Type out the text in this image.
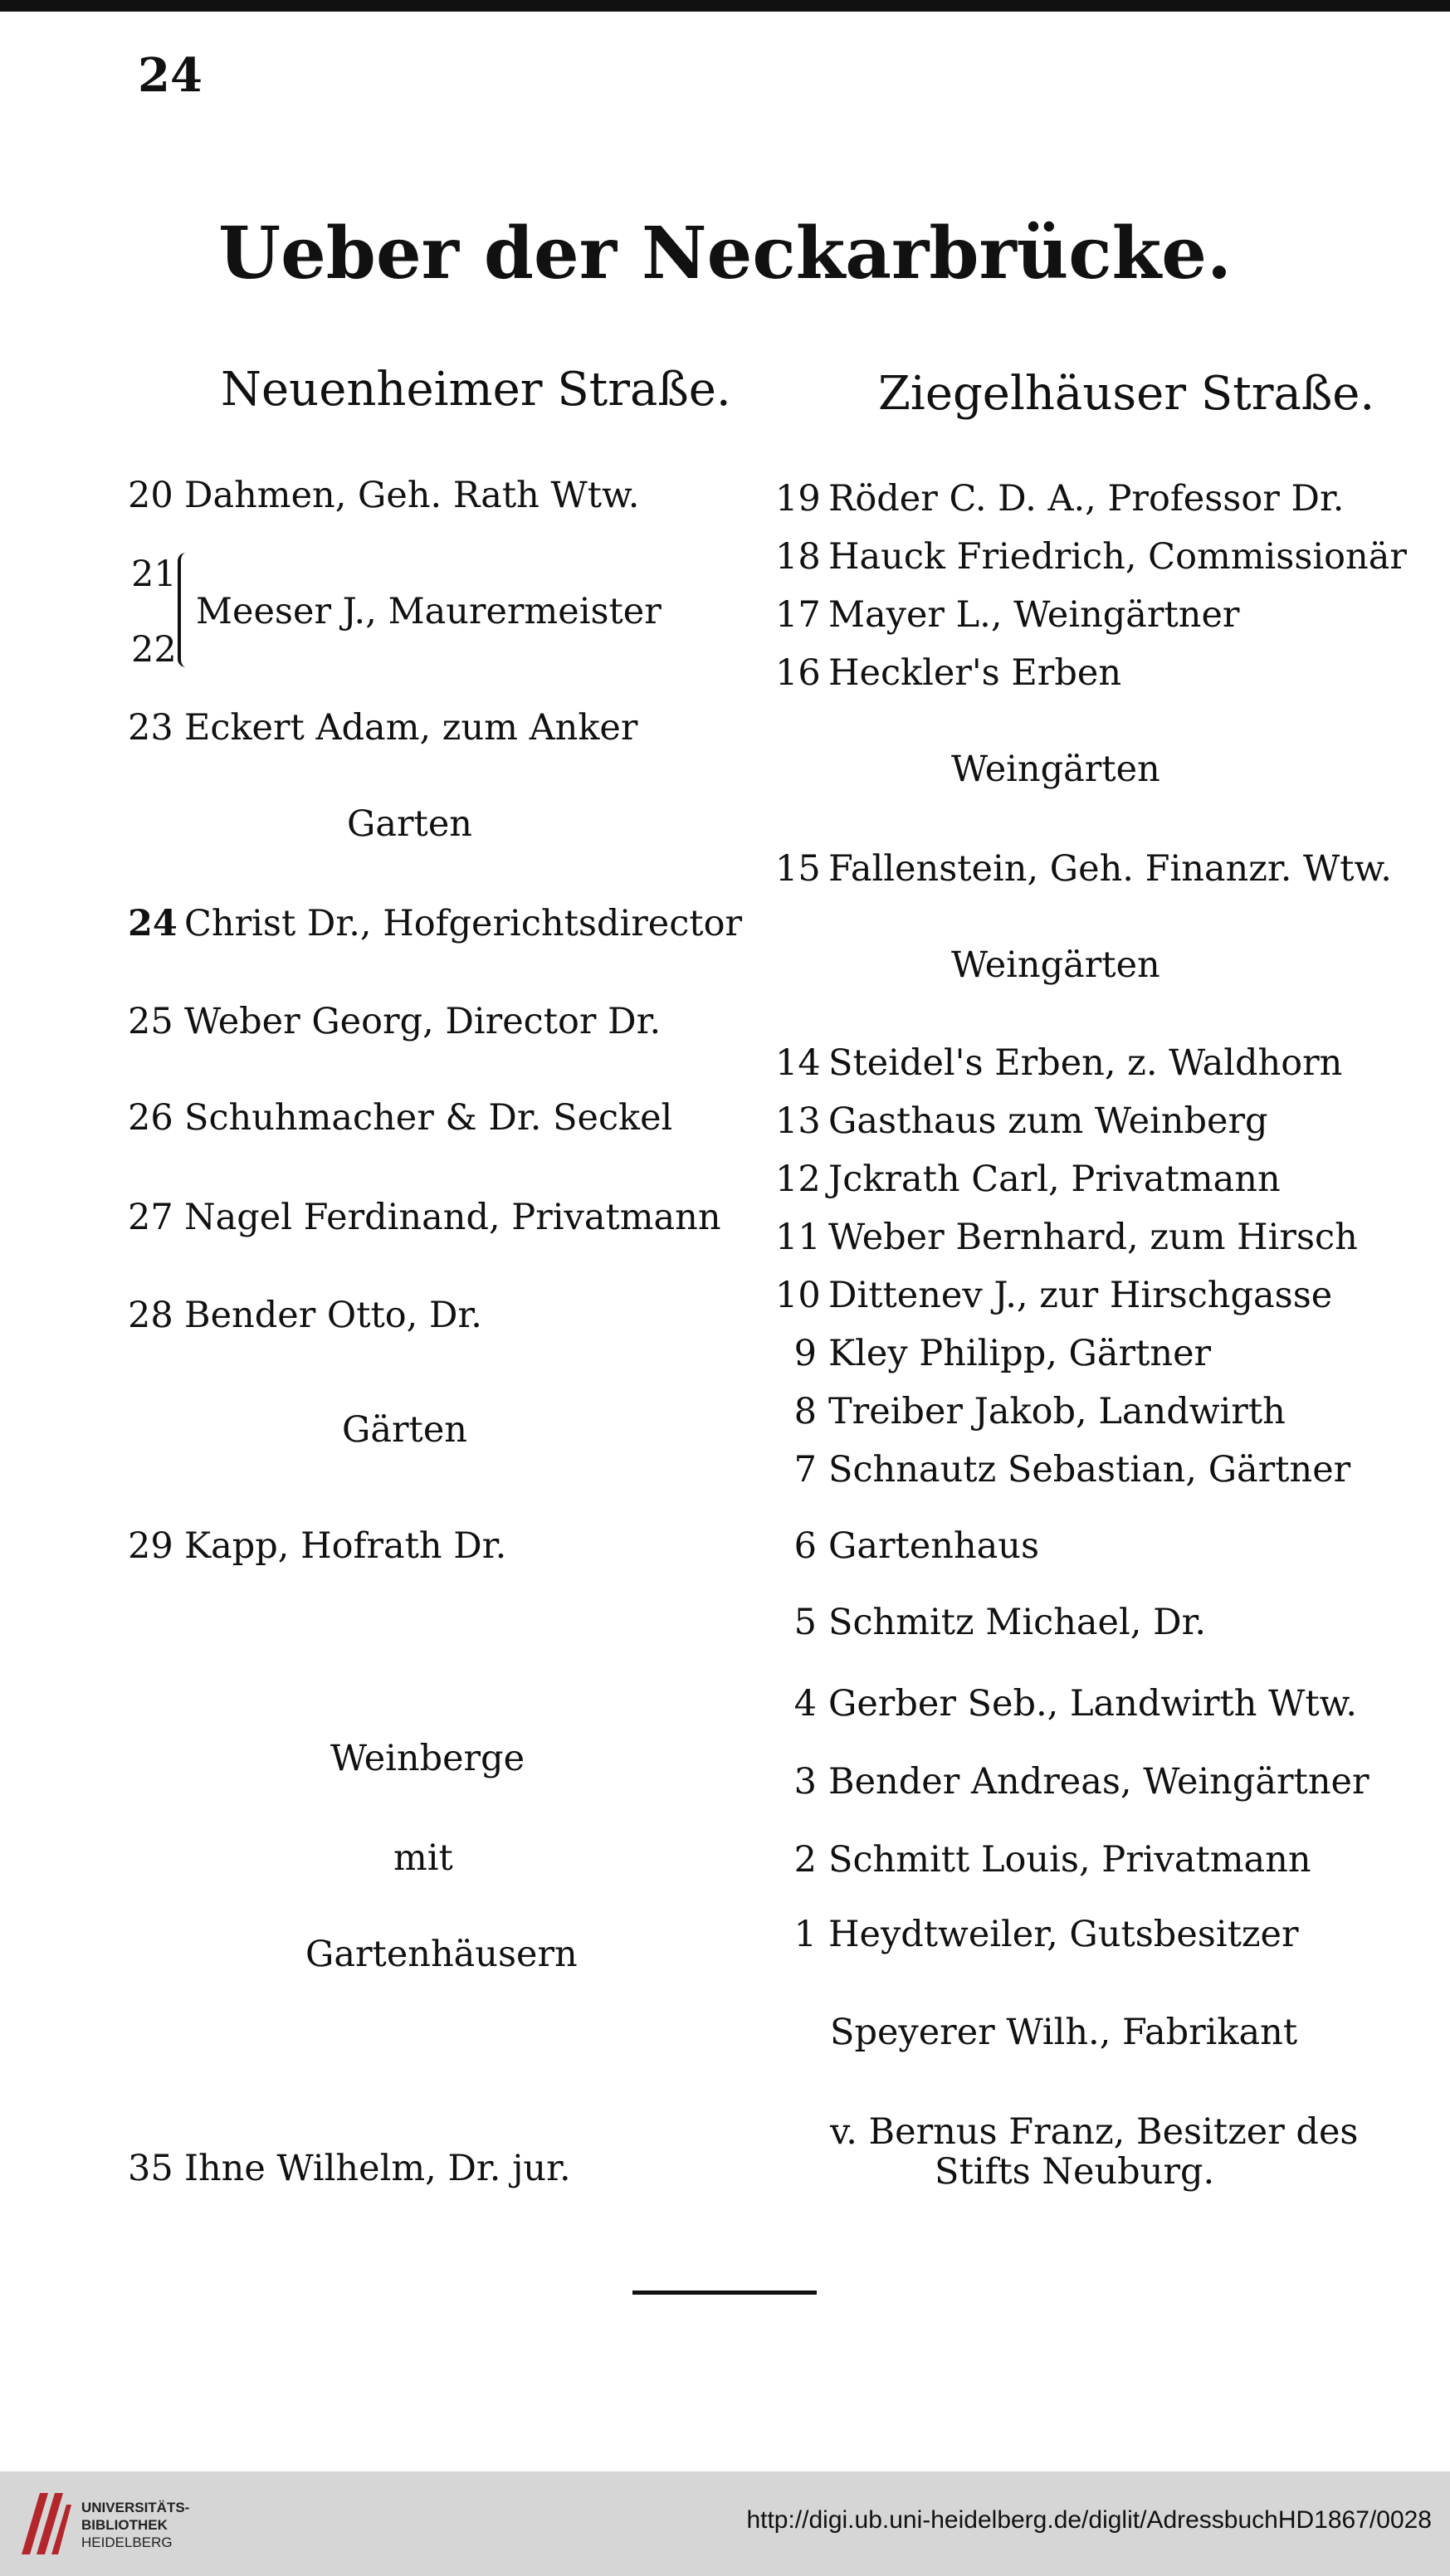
24
Ueber der Neckarbrücke.
Neuenheimer Straße.
20 Dahmen, Geh. Rath Wtw.
21
22
Meeser J., Maurermeister
23 Eckert Adam, zum Anker
Garten
24 Christ Dr., Hofgerichtsdirector
25 Weber Georg, Director Dr.
26 Schuhmacher & Dr. Seckel
27 Nagel Ferdinand, Privatmann
28 Bender Otto, Dr.
Gärten
29 Kapp, Hofrath Dr.
Weinberge
mit
Gartenhäusern
35 Ihne Wilhelm, Dr. jur.
Ziegelhäuser Straße.
19 Röder C. D. A., Professor Dr.
18 Hauck Friedrich, Commissionär
17 Mayer L., Weingärtner
16 Heckler's Erben
Weingärten
15 Fallenstein, Geh. Finanzr. Wtw.
Weingärten
14 Steidel's Erben, z. Waldhorn
13 Gasthaus zum Weinberg
12 Jckrath Carl, Privatmann
11 Weber Bernhard, zum Hirsch
10 Dittenev J., zur Hirschgasse
9 Kley Philipp, Gärtner
8 Treiber Jakob, Landwirth
7 Schnautz Sebastian, Gärtner
6 Gartenhaus
5 Schmitz Michael, Dr.
4 Gerber Seb., Landwirth Wtw.
3 Bender Andreas, Weingärtner
2 Schmitt Louis, Privatmann
1 Heydtweiler, Gutsbesitzer
Speyerer Wilh., Fabrikant
v. Bernus Franz, Besitzer des
Stifts Neuburg.
UNIVERSITÄTS-
BIBLIOTHEK
HEIDELBERG
http://digi.ub.uni-heidelberg.de/diglit/AdressbuchHD1867/0028
